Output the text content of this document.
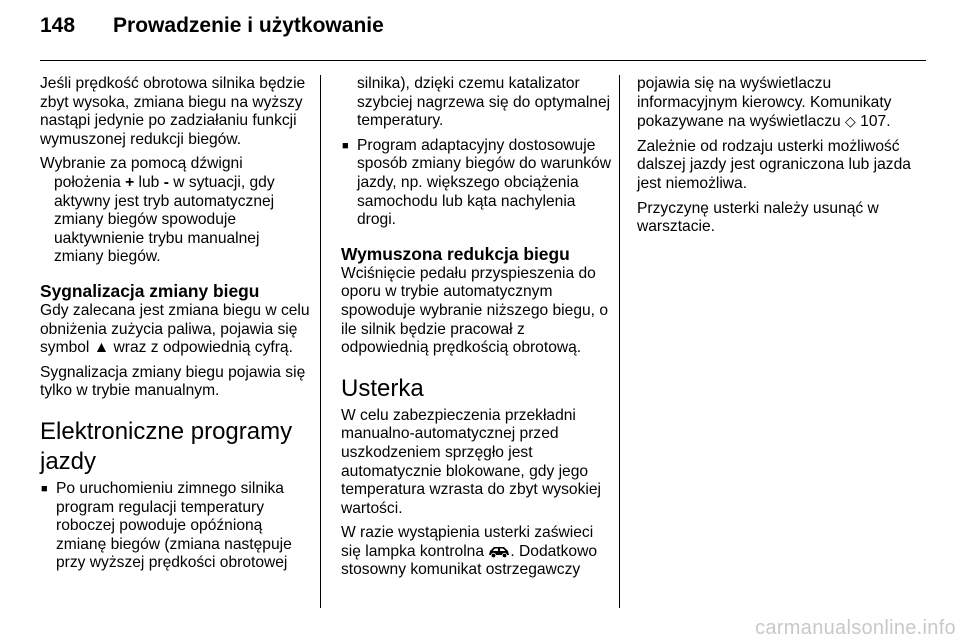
148 Prowadzenie i użytkowanie

Jeśli prędkość obrotowa silnika będzie zbyt wysoka, zmiana biegu na wyższy nastąpi jedynie po zadziałaniu funkcji wymuszonej redukcji biegów.

Wybranie za pomocą dźwigni położenia + lub - w sytuacji, gdy aktywny jest tryb automatycznej zmiany biegów spowoduje uaktywnienie trybu manualnej zmiany biegów.

Sygnalizacja zmiany biegu

Gdy zalecana jest zmiana biegu w celu obniżenia zużycia paliwa, pojawia się symbol ▲ wraz z odpowiednią cyfrą.

Sygnalizacja zmiany biegu pojawia się tylko w trybie manualnym.

Elektroniczne programy jazdy
■ Po uruchomieniu zimnego silnika program regulacji temperatury roboczej powoduje opóźnioną zmianę biegów (zmiana następuje przy wyższej prędkości obrotowej

silnika), dzięki czemu katalizator szybciej nagrzewa się do optymalnej temperatury.

■ Program adaptacyjny dostosowuje sposób zmiany biegów do warunków jazdy, np. większego obciążenia samochodu lub kąta nachylenia drogi.
Wymuszona redukcja biegu

Wciśnięcie pedału przyspieszenia do oporu w trybie automatycznym spowoduje wybranie niższego biegu, o ile silnik będzie pracował z odpowiednią prędkością obrotową.

Usterka

W celu zabezpieczenia przekładni manualno-automatycznej przed uszkodzeniem sprzęgło jest automatycznie blokowane, gdy jego temperatura wzrasta do zbyt wysokiej wartości.

W razie wystąpienia usterki zaświeci się lampka kontrolna . Dodatkowo stosowny komunikat ostrzegawczy

pojawia się na wyświetlaczu informacyjnym kierowcy. Komunikaty pokazywane na wyświetlaczu ◇ 107.

Zależnie od rodzaju usterki możliwość dalszej jazdy jest ograniczona lub jazda jest niemożliwa.

Przyczynę usterki należy usunąć w warsztacie.

carmanualsonline.info
